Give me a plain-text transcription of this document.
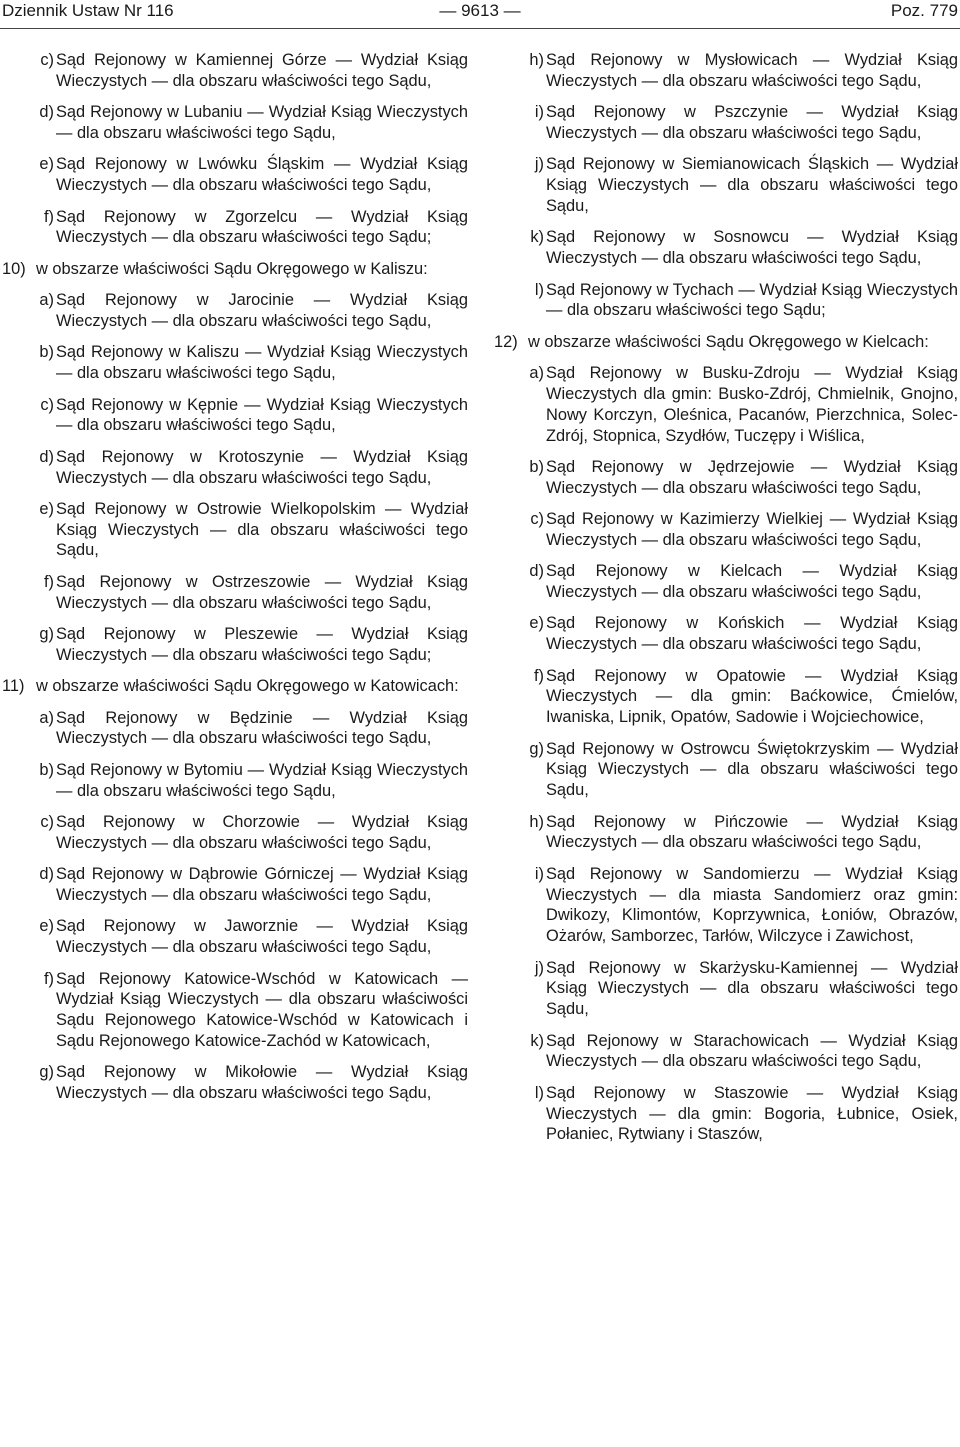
Dziennik Ustaw Nr 116	— 9613 —	Poz. 779
c) Sąd Rejonowy w Kamiennej Górze — Wydział Ksiąg Wieczystych — dla obszaru właściwości tego Sądu,
d) Sąd Rejonowy w Lubaniu — Wydział Ksiąg Wieczystych — dla obszaru właściwości tego Sądu,
e) Sąd Rejonowy w Lwówku Śląskim — Wydział Ksiąg Wieczystych — dla obszaru właściwości tego Sądu,
f) Sąd Rejonowy w Zgorzelcu — Wydział Ksiąg Wieczystych — dla obszaru właściwości tego Sądu;
10) w obszarze właściwości Sądu Okręgowego w Kaliszu:
a) Sąd Rejonowy w Jarocinie — Wydział Ksiąg Wieczystych — dla obszaru właściwości tego Sądu,
b) Sąd Rejonowy w Kaliszu — Wydział Ksiąg Wieczystych — dla obszaru właściwości tego Sądu,
c) Sąd Rejonowy w Kępnie — Wydział Ksiąg Wieczystych — dla obszaru właściwości tego Sądu,
d) Sąd Rejonowy w Krotoszynie — Wydział Ksiąg Wieczystych — dla obszaru właściwości tego Sądu,
e) Sąd Rejonowy w Ostrowie Wielkopolskim — Wydział Ksiąg Wieczystych — dla obszaru właściwości tego Sądu,
f) Sąd Rejonowy w Ostrzeszowie — Wydział Ksiąg Wieczystych — dla obszaru właściwości tego Sądu,
g) Sąd Rejonowy w Pleszewie — Wydział Ksiąg Wieczystych — dla obszaru właściwości tego Sądu;
11) w obszarze właściwości Sądu Okręgowego w Katowicach:
a) Sąd Rejonowy w Będzinie — Wydział Ksiąg Wieczystych — dla obszaru właściwości tego Sądu,
b) Sąd Rejonowy w Bytomiu — Wydział Ksiąg Wieczystych — dla obszaru właściwości tego Sądu,
c) Sąd Rejonowy w Chorzowie — Wydział Ksiąg Wieczystych — dla obszaru właściwości tego Sądu,
d) Sąd Rejonowy w Dąbrowie Górniczej — Wydział Ksiąg Wieczystych — dla obszaru właściwości tego Sądu,
e) Sąd Rejonowy w Jaworznie — Wydział Ksiąg Wieczystych — dla obszaru właściwości tego Sądu,
f) Sąd Rejonowy Katowice-Wschód w Katowicach — Wydział Ksiąg Wieczystych — dla obszaru właściwości Sądu Rejonowego Katowice-Wschód w Katowicach i Sądu Rejonowego Katowice-Zachód w Katowicach,
g) Sąd Rejonowy w Mikołowie — Wydział Ksiąg Wieczystych — dla obszaru właściwości tego Sądu,
h) Sąd Rejonowy w Mysłowicach — Wydział Ksiąg Wieczystych — dla obszaru właściwości tego Sądu,
i) Sąd Rejonowy w Pszczynie — Wydział Ksiąg Wieczystych — dla obszaru właściwości tego Sądu,
j) Sąd Rejonowy w Siemianowicach Śląskich — Wydział Ksiąg Wieczystych — dla obszaru właściwości tego Sądu,
k) Sąd Rejonowy w Sosnowcu — Wydział Ksiąg Wieczystych — dla obszaru właściwości tego Sądu,
l) Sąd Rejonowy w Tychach — Wydział Ksiąg Wieczystych — dla obszaru właściwości tego Sądu;
12) w obszarze właściwości Sądu Okręgowego w Kielcach:
a) Sąd Rejonowy w Busku-Zdroju — Wydział Ksiąg Wieczystych dla gmin: Busko-Zdrój, Chmielnik, Gnojno, Nowy Korczyn, Oleśnica, Pacanów, Pierzchnica, Solec-Zdrój, Stopnica, Szydłów, Tuczępy i Wiślica,
b) Sąd Rejonowy w Jędrzejowie — Wydział Ksiąg Wieczystych — dla obszaru właściwości tego Sądu,
c) Sąd Rejonowy w Kazimierzy Wielkiej — Wydział Ksiąg Wieczystych — dla obszaru właściwości tego Sądu,
d) Sąd Rejonowy w Kielcach — Wydział Ksiąg Wieczystych — dla obszaru właściwości tego Sądu,
e) Sąd Rejonowy w Końskich — Wydział Ksiąg Wieczystych — dla obszaru właściwości tego Sądu,
f) Sąd Rejonowy w Opatowie — Wydział Ksiąg Wieczystych — dla gmin: Baćkowice, Ćmielów, Iwaniska, Lipnik, Opatów, Sadowie i Wojciechowice,
g) Sąd Rejonowy w Ostrowcu Świętokrzyskim — Wydział Ksiąg Wieczystych — dla obszaru właściwości tego Sądu,
h) Sąd Rejonowy w Pińczowie — Wydział Ksiąg Wieczystych — dla obszaru właściwości tego Sądu,
i) Sąd Rejonowy w Sandomierzu — Wydział Ksiąg Wieczystych — dla miasta Sandomierz oraz gmin: Dwikozy, Klimontów, Koprzywnica, Łoniów, Obrazów, Ożarów, Samborzec, Tarłów, Wilczyce i Zawichost,
j) Sąd Rejonowy w Skarżysku-Kamiennej — Wydział Ksiąg Wieczystych — dla obszaru właściwości tego Sądu,
k) Sąd Rejonowy w Starachowicach — Wydział Ksiąg Wieczystych — dla obszaru właściwości tego Sądu,
l) Sąd Rejonowy w Staszowie — Wydział Ksiąg Wieczystych — dla gmin: Bogoria, Łubnice, Osiek, Połaniec, Rytwiany i Staszów,
